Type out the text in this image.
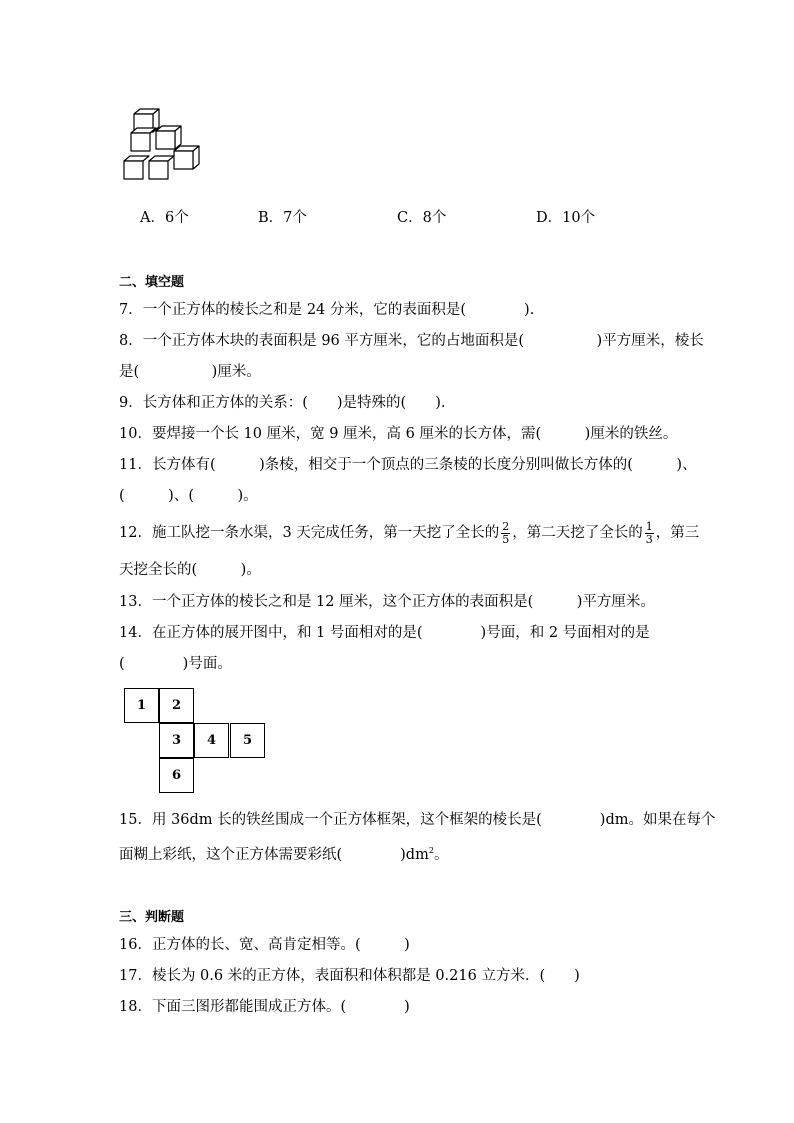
A．6个	B．7个	C．8个	D．10个
二、填空题
7．一个正方体的棱长之和是 24 分米，它的表面积是(　　　　).
8．一个正方体木块的表面积是 96 平方厘米，它的占地面积是(　　　　　)平方厘米，棱长
是(　　　　　)厘米。
9．长方体和正方体的关系：(　　)是特殊的(　　).
10．要焊接一个长 10 厘米，宽 9 厘米，高 6 厘米的长方体，需(　　　)厘米的铁丝。
11．长方体有(　　　)条棱，相交于一个顶点的三条棱的长度分别叫做长方体的(　　　)、
(　　　)、(　　　)。
12．施工队挖一条水渠，3 天完成任务，第一天挖了全长的 $\frac{2}{5}$ ，第二天挖了全长的 $\frac{1}{3}$ ，第三
天挖全长的(　　　)。
13．一个正方体的棱长之和是 12 厘米，这个正方体的表面积是(　　　)平方厘米。
14．在正方体的展开图中，和 1 号面相对的是(　　　　)号面，和 2 号面相对的是
(　　　　)号面。
1	2
3	4	5
6
15．用 36dm 长的铁丝围成一个正方体框架，这个框架的棱长是(　　　　)dm。如果在每个
面糊上彩纸，这个正方体需要彩纸(　　　　)$dm^2$。
三、判断题
16．正方体的长、宽、高肯定相等。(　　　)
17．棱长为 0.6 米的正方体，表面积和体积都是 0.216 立方米．(　　)
18．下面三图形都能围成正方体。(　　　　)
